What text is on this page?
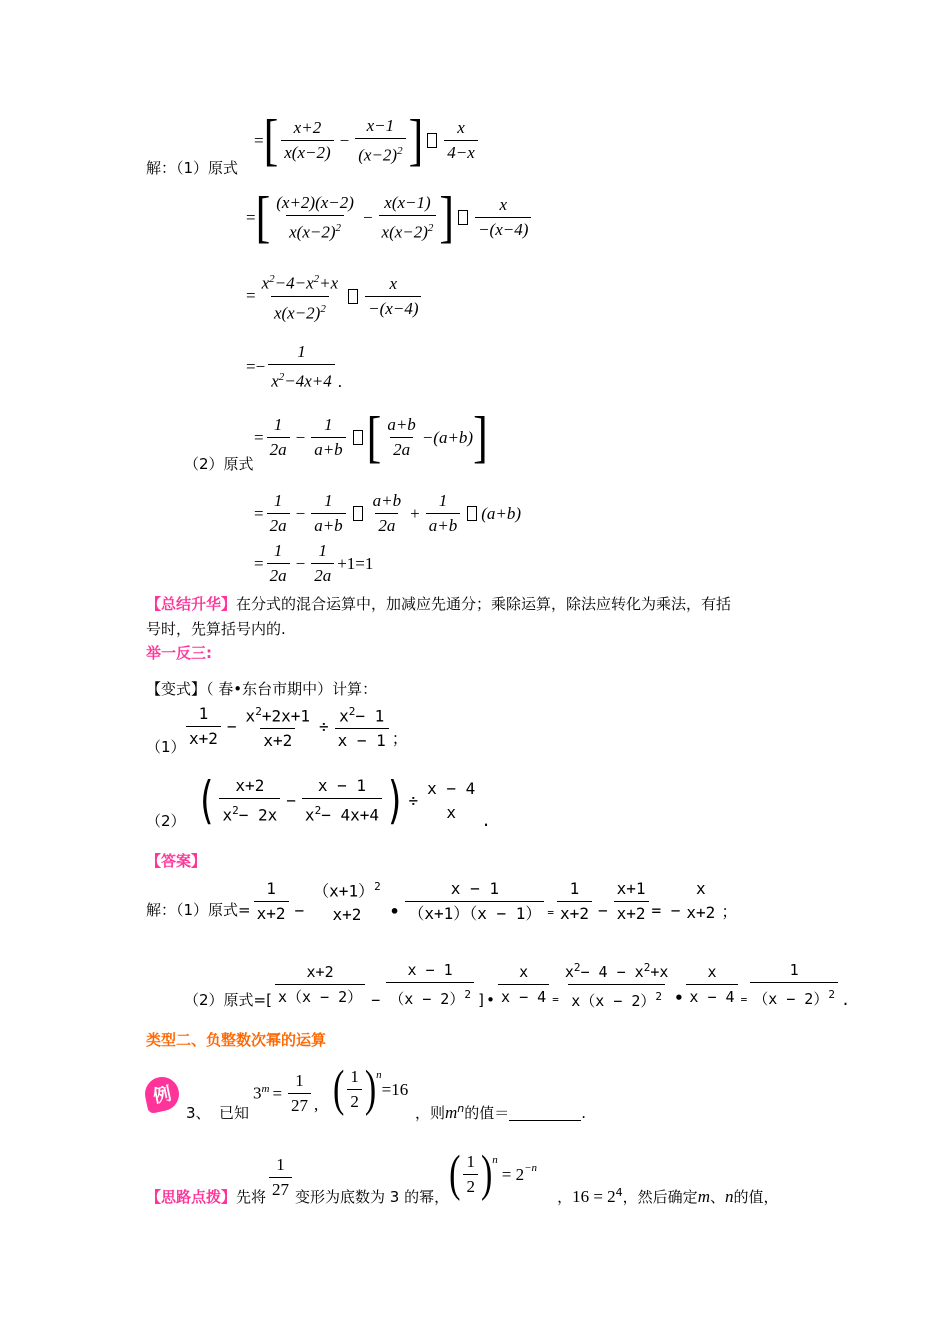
解：（1）原式
= [ $\frac{x+2}{x(x-2)} - \frac{x-1}{(x-2)^2}$ ] $\frac{x}{4-x}$
= [ $\frac{(x+2)(x-2)}{x(x-2)^2} - \frac{x(x-1)}{x(x-2)^2}$ ] $\frac{x}{-(x-4)}$
= $\frac{x^2-4-x^2+x}{x(x-2)^2} \frac{x}{-(x-4)}$
=− $\frac{1}{x^2-4x+4}$ .
（2）原式
= $\frac{1}{2a} - \frac{1}{a+b}$ [ $\frac{a+b}{2a} -(a+b)$ ]
= $\frac{1}{2a} - \frac{1}{a+b} \frac{a+b}{2a} + \frac{1}{a+b} (a+b)$
= $\frac{1}{2a} - \frac{1}{2a} +1=1$
【总结升华】在分式的混合运算中，加减应先通分；乘除运算，除法应转化为乘法，有括
号时，先算括号内的.
举一反三:
【变式】（ 春•东台市期中）计算：
$(1) \frac{1}{x+2} - \frac{x^2+2x+1}{x+2} \div \frac{x^2- 1}{x - 1}$ ；
（2） ( $\frac{x+2}{x^2- 2x} - \frac{x - 1}{x^2- 4x+4}$ ) ÷
x − 4
x .
【答案】
解：（1）原式= $\frac{1}{x+2}$ −
$(x+1)^2$
x+2 • $\frac{x - 1}{(x+1)(x - 1)} = \frac{1}{x+2} - \frac{x+1}{x+2}$ = −
x
x+2 ；
（2）原式=[ $\frac{x+2}{x(x - 2)} - \frac{x - 1}{(x - 2)^2}$ ]• $\frac{x}{x - 4} = \frac{x^2- 4 - x^2+x}{x(x - 2)^2}$ • $\frac{x}{x - 4} = \frac{1}{(x - 2)^2}$ .
类型二、负整数次幂的运算
例
3、 已知
$3^m = \frac{1}{27}$ , ( $\frac{1}{2}$ ) n
=16
，则$m^n$的值＝	.
【思路点拨】先将 $\frac{1}{27}$ 变形为底数为 3 的幂， ( $\frac{1}{2}$ ) n
= 2 −n
，$16 = 2^4$，然后确定m、n的值，
